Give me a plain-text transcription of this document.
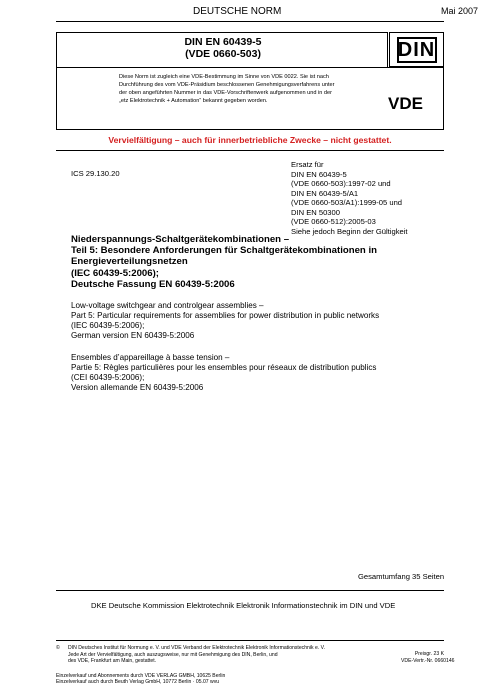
DEUTSCHE NORM	Mai 2007
DIN EN 60439-5
(VDE 0660-503)	DIN
Diese Norm ist zugleich eine VDE-Bestimmung im Sinne von VDE 0022. Sie ist nach
Durchführung des vom VDE-Präsidium beschlossenen Genehmigungsverfahrens unter
der oben angeführten Nummer in das VDE-Vorschriftenwerk aufgenommen und in der
„etz Elektrotechnik + Automation“ bekannt gegeben worden.	VDE
Vervielfältigung – auch für innerbetriebliche Zwecke – nicht gestattet.
ICS 29.130.20
Ersatz für
DIN EN 60439-5
(VDE 0660-503):1997-02 und
DIN EN 60439-5/A1
(VDE 0660-503/A1):1999-05 und
DIN EN 50300
(VDE 0660-512):2005-03
Siehe jedoch Beginn der Gültigkeit
Niederspannungs-Schaltgerätekombinationen –
Teil 5: Besondere Anforderungen für Schaltgerätekombinationen in
Energieverteilungsnetzen
(IEC 60439-5:2006);
Deutsche Fassung EN 60439-5:2006
Low-voltage switchgear and controlgear assemblies –
Part 5: Particular requirements for assemblies for power distribution in public networks
(IEC 60439-5:2006);
German version EN 60439-5:2006
Ensembles d’appareillage à basse tension –
Partie 5: Règles particulières pour les ensembles pour réseaux de distribution publics
(CEI 60439-5:2006);
Version allemande EN 60439-5:2006
Gesamtumfang 35 Seiten
DKE Deutsche Kommission Elektrotechnik Elektronik Informationstechnik im DIN und VDE
©	DIN Deutsches Institut für Normung e. V. und VDE Verband der Elektrotechnik Elektronik Informationstechnik e. V.
Jede Art der Vervielfältigung, auch auszugsweise, nur mit Genehmigung des DIN, Berlin, und
des VDE, Frankfurt am Main, gestattet.
Preisgr. 23 K
VDE-Vertr.-Nr. 0660146
Einzelverkauf und Abonnements durch VDE VERLAG GMBH, 10625 Berlin
Einzelverkauf auch durch Beuth Verlag GmbH, 10772 Berlin · 05.07 wvu
